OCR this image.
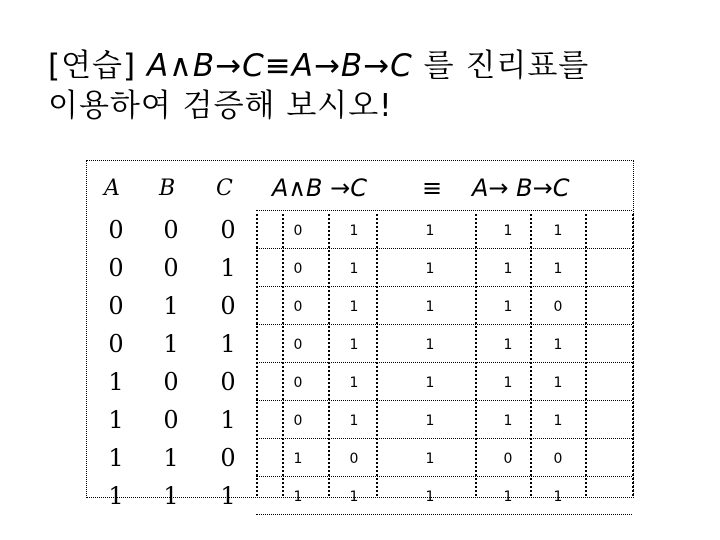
[연습] A∧B→C≡A→B→C 를 진리표를
이용하여 검증해 보시오!
A B C A∧B →C ≡ A→ B→C
0	0	0	0	1	1	1	1
0	0	1	0	1	1	1	1
0	1	0	0	1	1	1	0
0	1	1	0	1	1	1	1
1	0	0	0	1	1	1	1
1	0	1	0	1	1	1	1
1	1	0	1	0	1	0	0
1	1	1	1	1	1	1	1
